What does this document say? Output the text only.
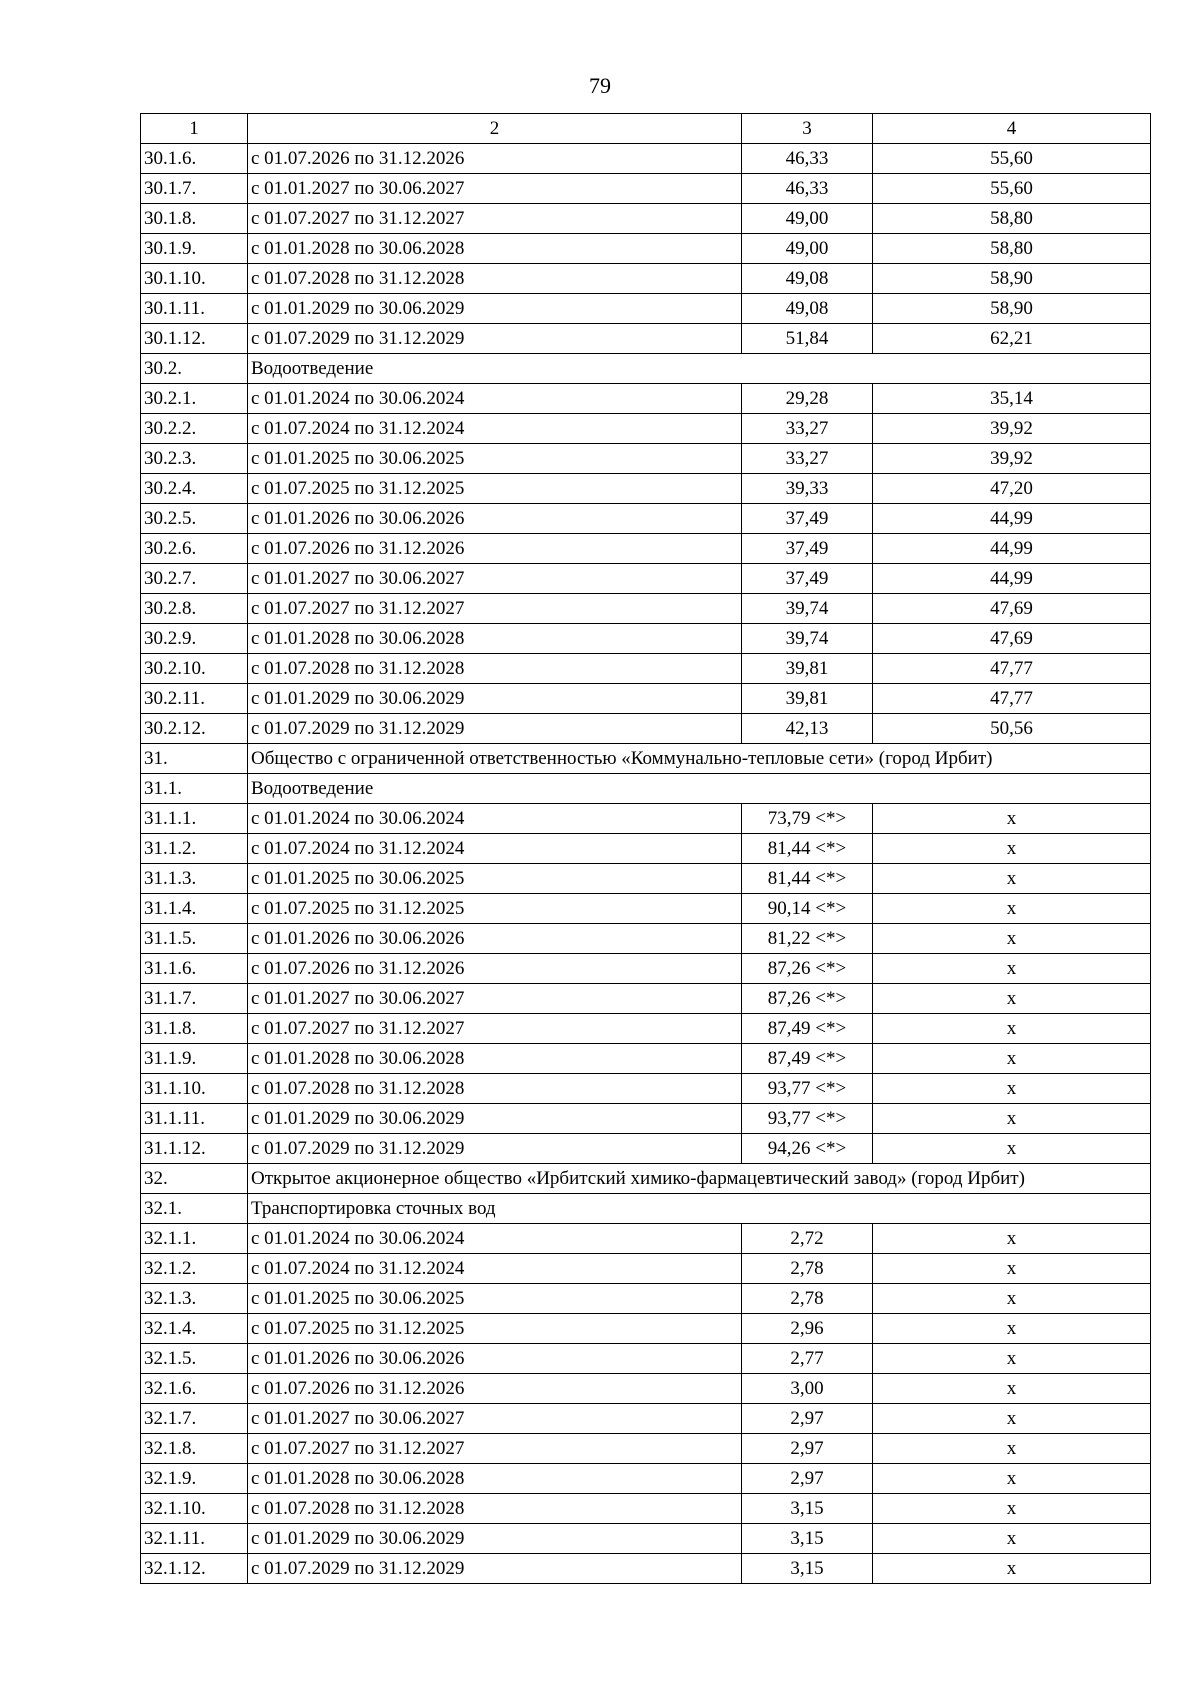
79
1	2	3	4
30.1.6.	с 01.07.2026 по 31.12.2026	46,33	55,60
30.1.7.	с 01.01.2027 по 30.06.2027	46,33	55,60
30.1.8.	с 01.07.2027 по 31.12.2027	49,00	58,80
30.1.9.	с 01.01.2028 по 30.06.2028	49,00	58,80
30.1.10.	с 01.07.2028 по 31.12.2028	49,08	58,90
30.1.11.	с 01.01.2029 по 30.06.2029	49,08	58,90
30.1.12.	с 01.07.2029 по 31.12.2029	51,84	62,21
30.2.	Водоотведение		
30.2.1.	с 01.01.2024 по 30.06.2024	29,28	35,14
30.2.2.	с 01.07.2024 по 31.12.2024	33,27	39,92
30.2.3.	с 01.01.2025 по 30.06.2025	33,27	39,92
30.2.4.	с 01.07.2025 по 31.12.2025	39,33	47,20
30.2.5.	с 01.01.2026 по 30.06.2026	37,49	44,99
30.2.6.	с 01.07.2026 по 31.12.2026	37,49	44,99
30.2.7.	с 01.01.2027 по 30.06.2027	37,49	44,99
30.2.8.	с 01.07.2027 по 31.12.2027	39,74	47,69
30.2.9.	с 01.01.2028 по 30.06.2028	39,74	47,69
30.2.10.	с 01.07.2028 по 31.12.2028	39,81	47,77
30.2.11.	с 01.01.2029 по 30.06.2029	39,81	47,77
30.2.12.	с 01.07.2029 по 31.12.2029	42,13	50,56
31.	Общество с ограниченной ответственностью «Коммунально-тепловые сети» (город Ирбит)		
31.1.	Водоотведение		
31.1.1.	с 01.01.2024 по 30.06.2024	73,79 <*>	x
31.1.2.	с 01.07.2024 по 31.12.2024	81,44 <*>	x
31.1.3.	с 01.01.2025 по 30.06.2025	81,44 <*>	x
31.1.4.	с 01.07.2025 по 31.12.2025	90,14 <*>	x
31.1.5.	с 01.01.2026 по 30.06.2026	81,22 <*>	x
31.1.6.	с 01.07.2026 по 31.12.2026	87,26 <*>	x
31.1.7.	с 01.01.2027 по 30.06.2027	87,26 <*>	x
31.1.8.	с 01.07.2027 по 31.12.2027	87,49 <*>	x
31.1.9.	с 01.01.2028 по 30.06.2028	87,49 <*>	x
31.1.10.	с 01.07.2028 по 31.12.2028	93,77 <*>	x
31.1.11.	с 01.01.2029 по 30.06.2029	93,77 <*>	x
31.1.12.	с 01.07.2029 по 31.12.2029	94,26 <*>	x
32.	Открытое акционерное общество «Ирбитский химико-фармацевтический завод» (город Ирбит)		
32.1.	Транспортировка сточных вод		
32.1.1.	с 01.01.2024 по 30.06.2024	2,72	x
32.1.2.	с 01.07.2024 по 31.12.2024	2,78	x
32.1.3.	с 01.01.2025 по 30.06.2025	2,78	x
32.1.4.	с 01.07.2025 по 31.12.2025	2,96	x
32.1.5.	с 01.01.2026 по 30.06.2026	2,77	x
32.1.6.	с 01.07.2026 по 31.12.2026	3,00	x
32.1.7.	с 01.01.2027 по 30.06.2027	2,97	x
32.1.8.	с 01.07.2027 по 31.12.2027	2,97	x
32.1.9.	с 01.01.2028 по 30.06.2028	2,97	x
32.1.10.	с 01.07.2028 по 31.12.2028	3,15	x
32.1.11.	с 01.01.2029 по 30.06.2029	3,15	x
32.1.12.	с 01.07.2029 по 31.12.2029	3,15	x
